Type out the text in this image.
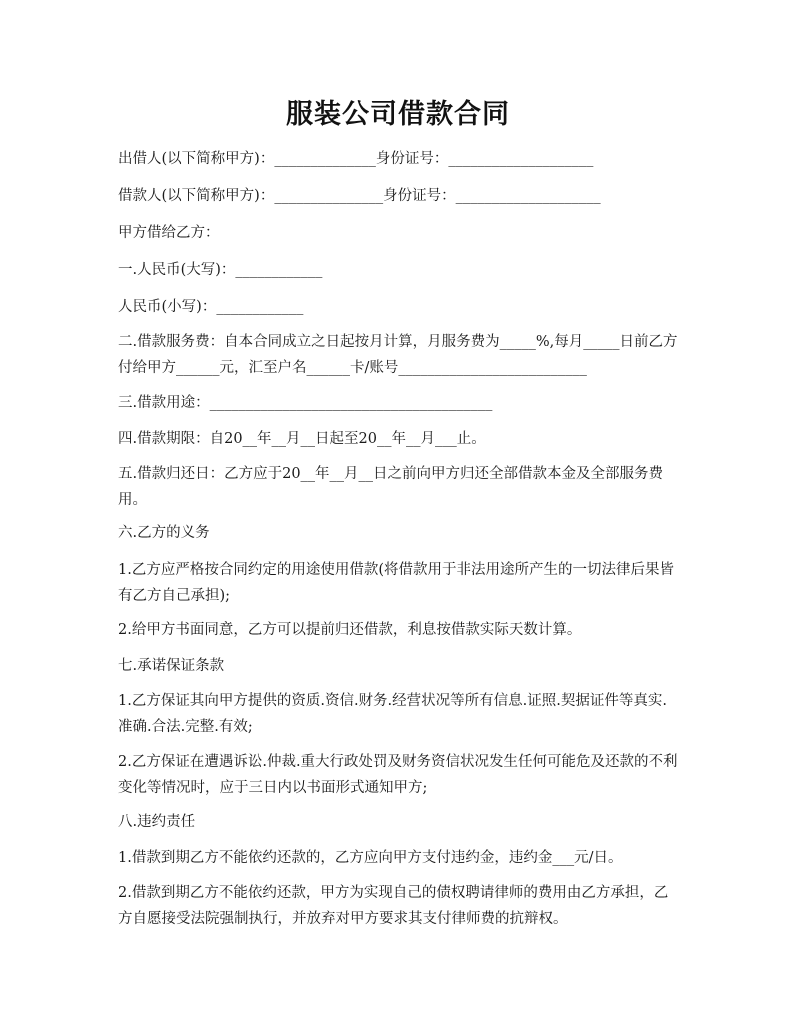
服装公司借款合同

出借人(以下简称甲方)：______________身份证号：____________________

借款人(以下简称甲方)：_______________身份证号：____________________

甲方借给乙方：

一.人民币(大写)：____________

人民币(小写)：____________

二.借款服务费：自本合同成立之日起按月计算，月服务费为_____%,每月_____日前乙方付给甲方______元，汇至户名______卡/账号__________________________

三.借款用途：_______________________________________

四.借款期限：自20__年__月__日起至20__年__月___止。

五.借款归还日：乙方应于20__年__月__日之前向甲方归还全部借款本金及全部服务费用。

六.乙方的义务

1.乙方应严格按合同约定的用途使用借款(将借款用于非法用途所产生的一切法律后果皆有乙方自己承担);

2.给甲方书面同意，乙方可以提前归还借款，利息按借款实际天数计算。

七.承诺保证条款

1.乙方保证其向甲方提供的资质.资信.财务.经营状况等所有信息.证照.契据证件等真实.准确.合法.完整.有效;

2.乙方保证在遭遇诉讼.仲裁.重大行政处罚及财务资信状况发生任何可能危及还款的不利变化等情况时，应于三日内以书面形式通知甲方;

八.违约责任

1.借款到期乙方不能依约还款的，乙方应向甲方支付违约金，违约金___元/日。

2.借款到期乙方不能依约还款，甲方为实现自己的债权聘请律师的费用由乙方承担，乙方自愿接受法院强制执行，并放弃对甲方要求其支付律师费的抗辩权。
